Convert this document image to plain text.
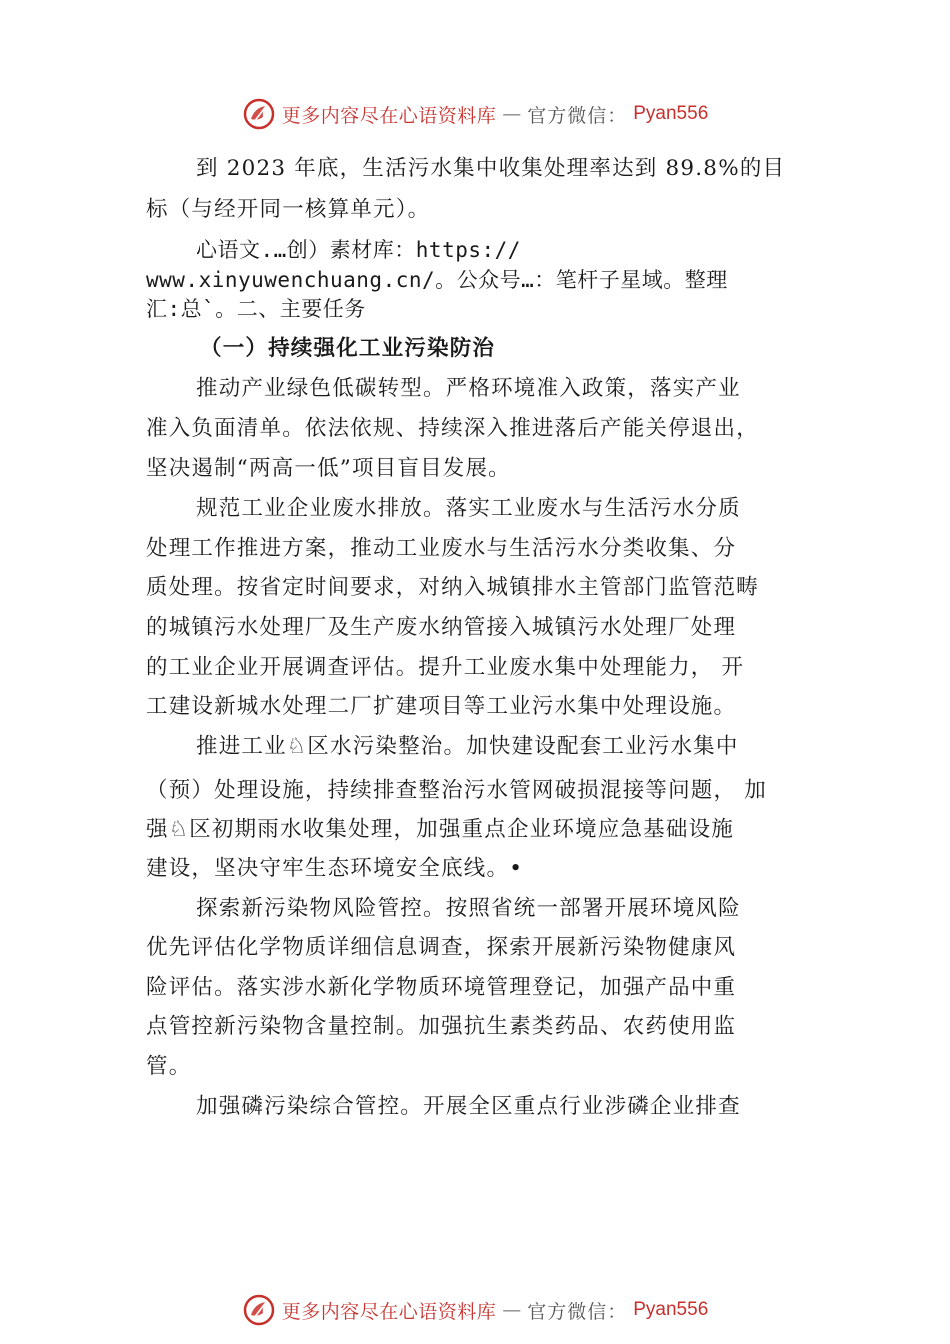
更多内容尽在心语资料库 — 官方微信： Pyan556
到 2023 年底，生活污水集中收集处理率达到 89.8%的目
标（与经开同一核算单元）。
心语文.…创）素材库：https://
www.xinyuwenchuang.cn/。公众号…：笔杆子星域。整理
汇:总`。二、主要任务
（一）持续强化工业污染防治
推动产业绿色低碳转型。严格环境准入政策，落实产业
准入负面清单。依法依规、持续深入推进落后产能关停退出，
坚决遏制“两高一低”项目盲目发展。
规范工业企业废水排放。落实工业废水与生活污水分质
处理工作推进方案，推动工业废水与生活污水分类收集、分
质处理。按省定时间要求，对纳入城镇排水主管部门监管范畴
的城镇污水处理厂及生产废水纳管接入城镇污水处理厂处理
的工业企业开展调查评估。提升工业废水集中处理能力， 开
工建设新城水处理二厂扩建项目等工业污水集中处理设施。
推进工业♘区水污染整治。加快建设配套工业污水集中
（预）处理设施，持续排查整治污水管网破损混接等问题， 加
强♘区初期雨水收集处理，加强重点企业环境应急基础设施
建设，坚决守牢生态环境安全底线。•
探索新污染物风险管控。按照省统一部署开展环境风险
优先评估化学物质详细信息调查，探索开展新污染物健康风
险评估。落实涉水新化学物质环境管理登记，加强产品中重
点管控新污染物含量控制。加强抗生素类药品、农药使用监
管。
加强磷污染综合管控。开展全区重点行业涉磷企业排查
更多内容尽在心语资料库 — 官方微信： Pyan556
